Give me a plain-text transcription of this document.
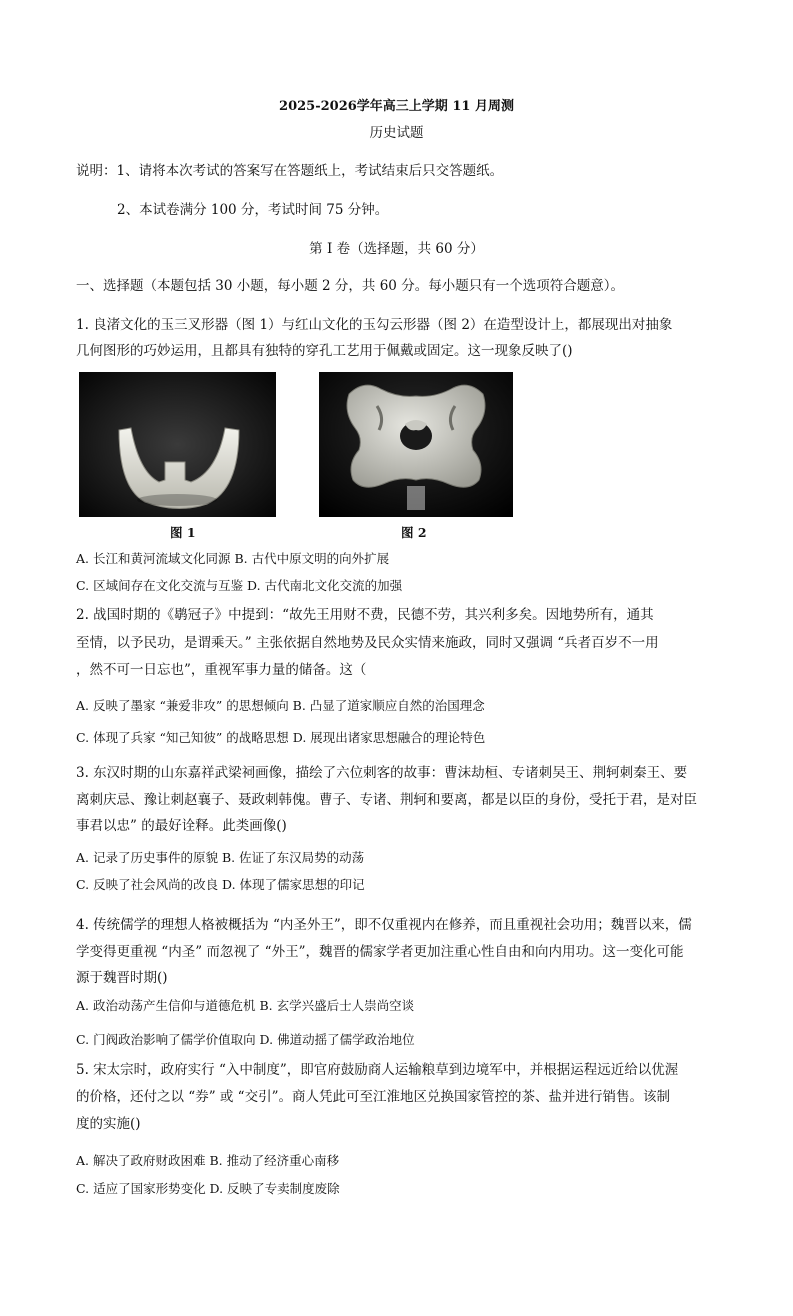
2025-2026学年高三上学期 11 月周测
历史试题
说明：1、请将本次考试的答案写在答题纸上，考试结束后只交答题纸。
2、本试卷满分 100 分，考试时间 75 分钟。
第 I 卷（选择题，共 60 分）
一、选择题（本题包括 30 小题，每小题 2 分，共 60 分。每小题只有一个选项符合题意）。
1. 良渚文化的玉三叉形器（图 1）与红山文化的玉勾云形器（图 2）在造型设计上，都展现出对抽象
几何图形的巧妙运用，且都具有独特的穿孔工艺用于佩戴或固定。这一现象反映了()
图 1	图 2
A. 长江和黄河流域文化同源 B. 古代中原文明的向外扩展
C. 区域间存在文化交流与互鉴 D. 古代南北文化交流的加强
2. 战国时期的《鹖冠子》中提到：“故先王用财不费，民德不劳，其兴利多矣。因地势所有，通其
至情，以予民功，是谓乘天。” 主张依据自然地势及民众实情来施政，同时又强调 “兵者百岁不一用
，然不可一日忘也”，重视军事力量的储备。这（
A. 反映了墨家 “兼爱非攻” 的思想倾向 B. 凸显了道家顺应自然的治国理念
C. 体现了兵家 “知己知彼” 的战略思想 D. 展现出诸家思想融合的理论特色
3. 东汉时期的山东嘉祥武梁祠画像，描绘了六位刺客的故事：曹沫劫桓、专诸刺吴王、荆轲刺秦王、要
离刺庆忌、豫让刺赵襄子、聂政刺韩傀。曹子、专诸、荆轲和要离，都是以臣的身份，受托于君，是对臣
事君以忠” 的最好诠释。此类画像()
A. 记录了历史事件的原貌 B. 佐证了东汉局势的动荡
C. 反映了社会风尚的改良 D. 体现了儒家思想的印记
4. 传统儒学的理想人格被概括为 “内圣外王”，即不仅重视内在修养，而且重视社会功用；魏晋以来，儒
学变得更重视 “内圣” 而忽视了 “外王”，魏晋的儒家学者更加注重心性自由和向内用功。这一变化可能
源于魏晋时期()
A. 政治动荡产生信仰与道德危机 B. 玄学兴盛后士人崇尚空谈
C. 门阀政治影响了儒学价值取向 D. 佛道动摇了儒学政治地位
5. 宋太宗时，政府实行 “入中制度”，即官府鼓励商人运输粮草到边境军中，并根据运程远近给以优渥
的价格，还付之以 “券” 或 “交引”。商人凭此可至江淮地区兑换国家管控的茶、盐并进行销售。该制
度的实施()
A. 解决了政府财政困难 B. 推动了经济重心南移
C. 适应了国家形势变化 D. 反映了专卖制度废除
